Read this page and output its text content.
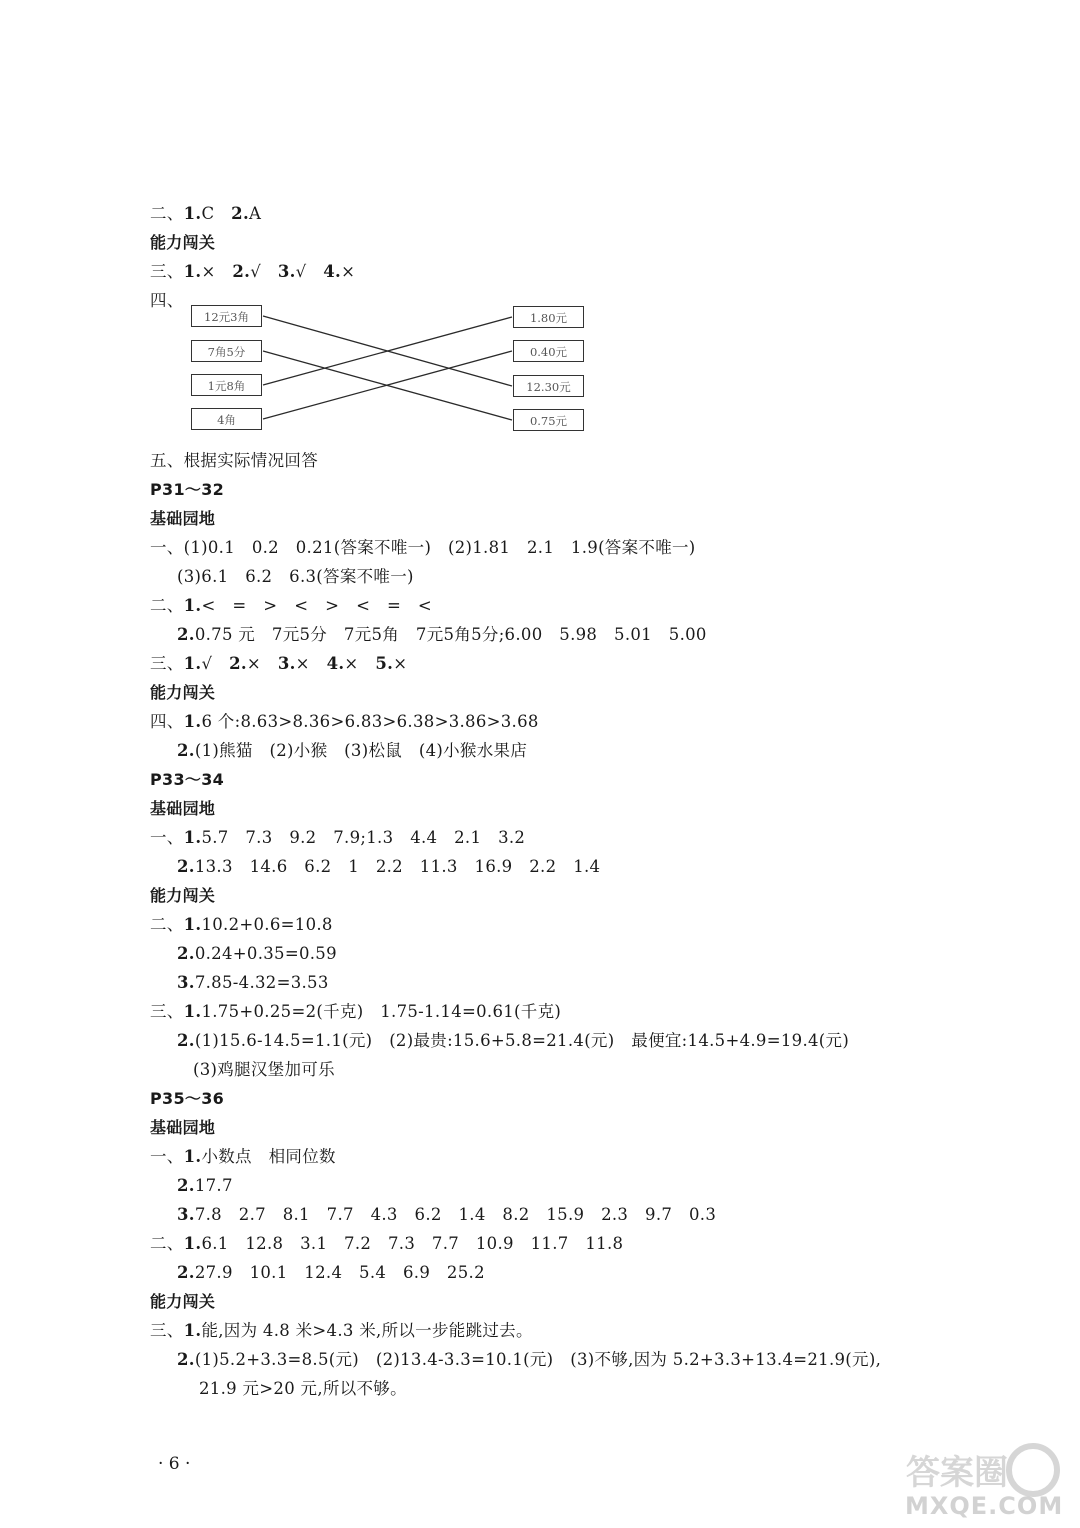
二、1.C　2.A
能力闯关
三、1.×　2.√　3.√　4.×
四、
12元3角
7角5分
1元8角
4角
1.80元
0.40元
12.30元
0.75元
五、根据实际情况回答
P31～32
基础园地
一、(1)0.1　0.2　0.21(答案不唯一)　(2)1.81　2.1　1.9(答案不唯一)
(3)6.1　6.2　6.3(答案不唯一)
二、1.<　=　>　<　>　<　=　<
2.0.75 元　7元5分　7元5角　7元5角5分;6.00　5.98　5.01　5.00
三、1.√　2.×　3.×　4.×　5.×
能力闯关
四、1.6 个:8.63>8.36>6.83>6.38>3.86>3.68
2.(1)熊猫　(2)小猴　(3)松鼠　(4)小猴水果店
P33～34
基础园地
一、1.5.7　7.3　9.2　7.9;1.3　4.4　2.1　3.2
2.13.3　14.6　6.2　1　2.2　11.3　16.9　2.2　1.4
能力闯关
二、1.10.2+0.6=10.8
2.0.24+0.35=0.59
3.7.85-4.32=3.53
三、1.1.75+0.25=2(千克)　1.75-1.14=0.61(千克)
2.(1)15.6-14.5=1.1(元)　(2)最贵:15.6+5.8=21.4(元)　最便宜:14.5+4.9=19.4(元)
(3)鸡腿汉堡加可乐
P35～36
基础园地
一、1.小数点　相同位数
2.17.7
3.7.8　2.7　8.1　7.7　4.3　6.2　1.4　8.2　15.9　2.3　9.7　0.3
二、1.6.1　12.8　3.1　7.2　7.3　7.7　10.9　11.7　11.8
2.27.9　10.1　12.4　5.4　6.9　25.2
能力闯关
三、1.能,因为 4.8 米>4.3 米,所以一步能跳过去。
2.(1)5.2+3.3=8.5(元)　(2)13.4-3.3=10.1(元)　(3)不够,因为 5.2+3.3+13.4=21.9(元),
21.9 元>20 元,所以不够。
· 6 ·	答案圈
MXQE.COM
